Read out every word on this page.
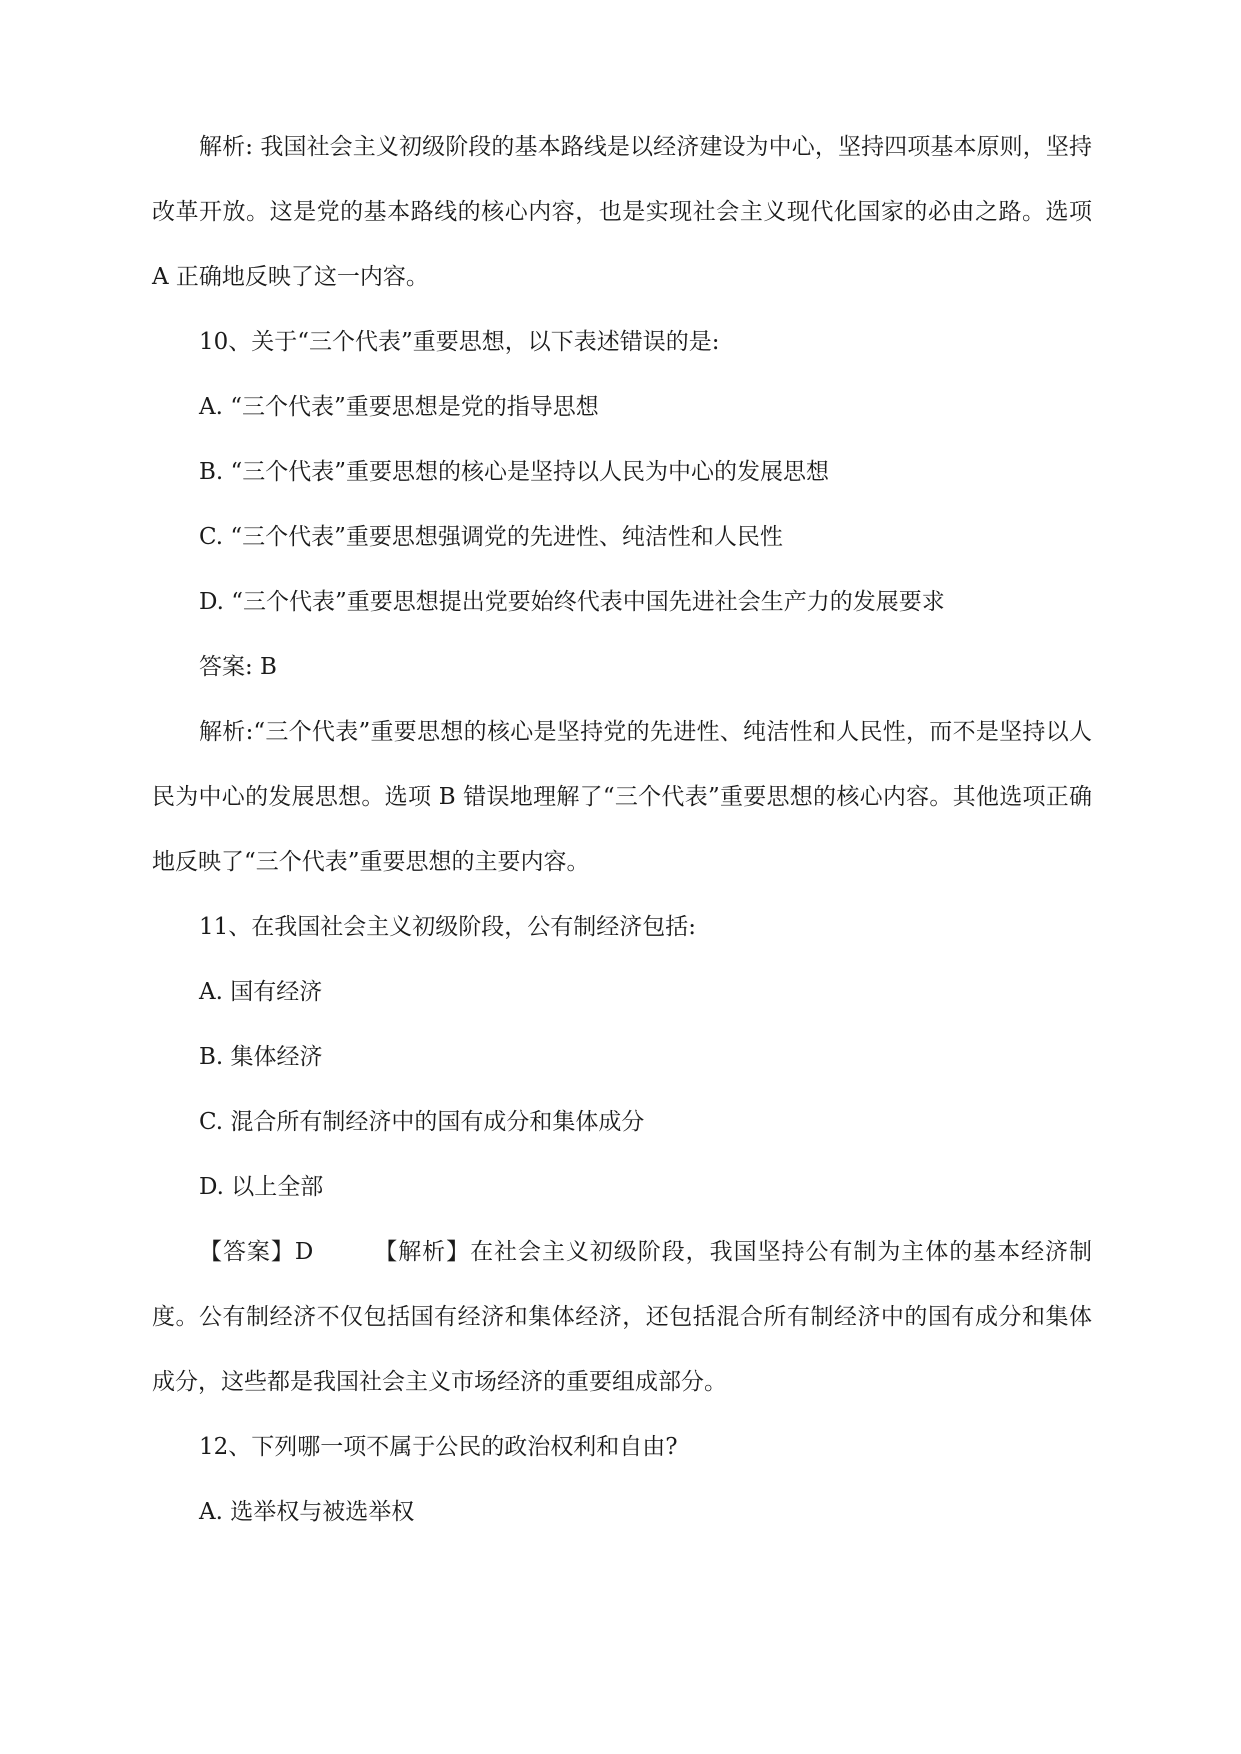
解析: 我国社会主义初级阶段的基本路线是以经济建设为中心，坚持四项基本原则，坚持改革开放。这是党的基本路线的核心内容，也是实现社会主义现代化国家的必由之路。选项 A 正确地反映了这一内容。

10、关于“三个代表”重要思想，以下表述错误的是:

A. “三个代表”重要思想是党的指导思想

B. “三个代表”重要思想的核心是坚持以人民为中心的发展思想

C. “三个代表”重要思想强调党的先进性、纯洁性和人民性

D. “三个代表”重要思想提出党要始终代表中国先进社会生产力的发展要求

答案: B

解析:“三个代表”重要思想的核心是坚持党的先进性、纯洁性和人民性，而不是坚持以人民为中心的发展思想。选项 B 错误地理解了“三个代表”重要思想的核心内容。其他选项正确地反映了“三个代表”重要思想的主要内容。

11、在我国社会主义初级阶段，公有制经济包括:

A. 国有经济

B. 集体经济

C. 混合所有制经济中的国有成分和集体成分

D. 以上全部

【答案】D	【解析】在社会主义初级阶段，我国坚持公有制为主体的基本经济制度。公有制经济不仅包括国有经济和集体经济，还包括混合所有制经济中的国有成分和集体成分，这些都是我国社会主义市场经济的重要组成部分。

12、下列哪一项不属于公民的政治权利和自由?

A. 选举权与被选举权
